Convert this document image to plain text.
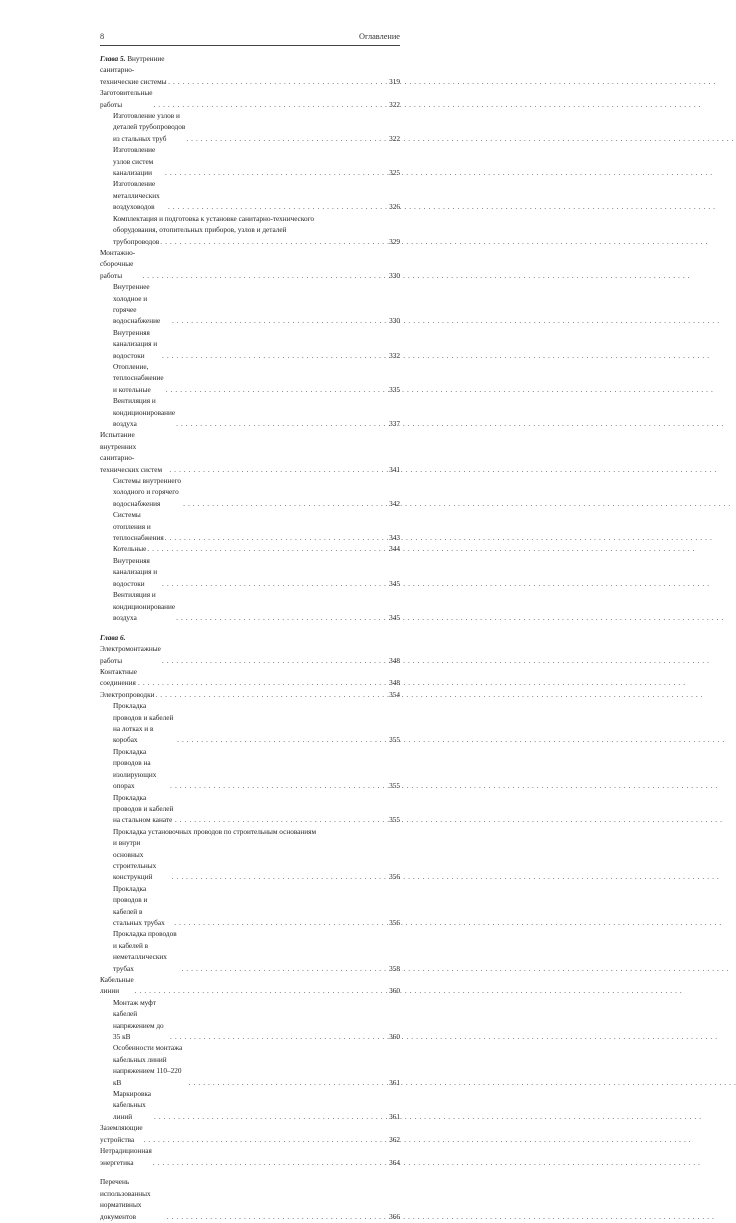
8	Оглавление
Глава 5. Внутренние санитарно-технические системы . . .	319
Заготовительные работы . . .	322
Изготовление узлов и деталей трубопроводов из стальных труб . . .	322
Изготовление узлов систем канализации . . .	325
Изготовление металлических воздуховодов . . .	326
Комплектация и подготовка к установке санитарно-технического
оборудования, отопительных приборов, узлов и деталей
трубопроводов . . .	329
Монтажно-сборочные работы . . .	330
Внутреннее холодное и горячее водоснабжение . . .	330
Внутренняя канализация и водостоки . . .	332
Отопление, теплоснабжение и котельные . . .	335
Вентиляция и кондиционирование воздуха . . .	337
Испытание внутренних санитарно-технических систем . . .	341
Системы внутреннего холодного и горячего водоснабжения . . .	342
Системы отопления и теплоснабжения . . .	343
Котельные . . .	344
Внутренняя канализация и водостоки . . .	345
Вентиляция и кондиционирование воздуха . . .	345
Глава 6. Электромонтажные работы . . .	348
Контактные соединения . . .	348
Электропроводки . . .	354
Прокладка проводов и кабелей на лотках и в коробах . . .	355
Прокладка проводов на изолирующих опорах . . .	355
Прокладка проводов и кабелей на стальном канате . . .	355
Прокладка установочных проводов по строительным основаниям
и внутри основных строительных конструкций . . .	356
Прокладка проводов и кабелей в стальных трубах . . .	356
Прокладка проводов и кабелей в неметаллических трубах . . .	358
Кабельные линии . . .	360
Монтаж муфт кабелей напряжением до 35 кВ . . .	360
Особенности монтажа кабельных линий напряжением 110–220 кВ . . .	361
Маркировка кабельных линий . . .	361
Заземляющие устройства . . .	362
Нетрадиционная энергетика . . .	364
Перечень использованных нормативных документов . . .	366
